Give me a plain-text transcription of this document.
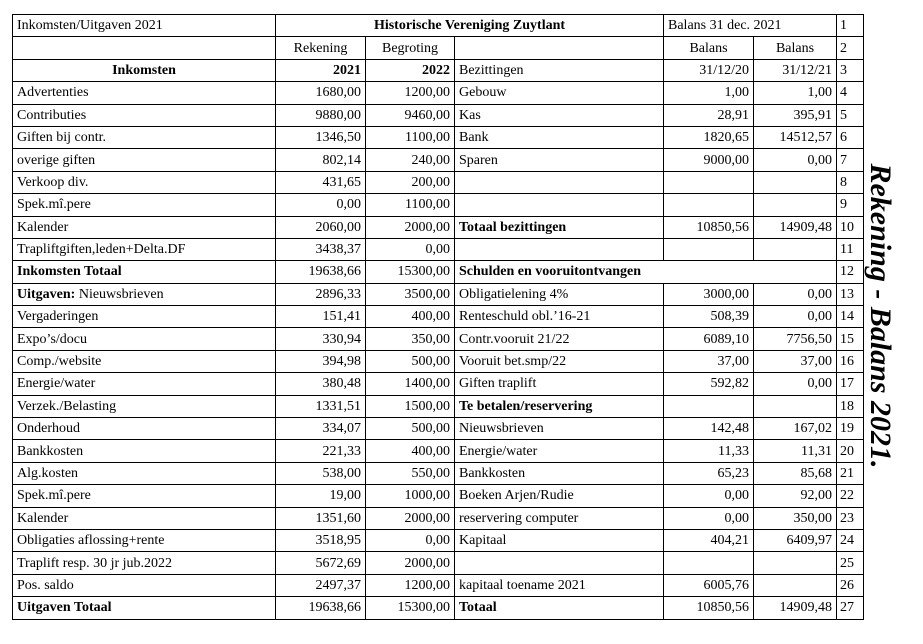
Inkomsten/Uitgaven 2021	Historische Vereniging Zuytlant			Balans 31 dec. 2021		1
	Rekening	Begroting		Balans	Balans	2
Inkomsten	2021	2022	Bezittingen	31/12/20	31/12/21	3
Advertenties	1680,00	1200,00	Gebouw	1,00	1,00	4
Contributies	9880,00	9460,00	Kas	28,91	395,91	5
Giften bij contr.	1346,50	1100,00	Bank	1820,65	14512,57	6
overige giften	802,14	240,00	Sparen	9000,00	0,00	7
Verkoop div.	431,65	200,00				8
Spek.mî.pere	0,00	1100,00				9
Kalender	2060,00	2000,00	Totaal bezittingen	10850,56	14909,48	10
Trapliftgiften,leden+Delta.DF	3438,37	0,00				11
Inkomsten Totaal	19638,66	15300,00	Schulden en vooruitontvangen			12
Uitgaven: Nieuwsbrieven	2896,33	3500,00	Obligatielening 4%	3000,00	0,00	13
Vergaderingen	151,41	400,00	Renteschuld obl.’16-21	508,39	0,00	14
Expo’s/docu	330,94	350,00	Contr.vooruit 21/22	6089,10	7756,50	15
Comp./website	394,98	500,00	Vooruit bet.smp/22	37,00	37,00	16
Energie/water	380,48	1400,00	Giften traplift	592,82	0,00	17
Verzek./Belasting	1331,51	1500,00	Te betalen/reservering			18
Onderhoud	334,07	500,00	Nieuwsbrieven	142,48	167,02	19
Bankkosten	221,33	400,00	Energie/water	11,33	11,31	20
Alg.kosten	538,00	550,00	Bankkosten	65,23	85,68	21
Spek.mî.pere	19,00	1000,00	Boeken Arjen/Rudie	0,00	92,00	22
Kalender	1351,60	2000,00	reservering computer	0,00	350,00	23
Obligaties aflossing+rente	3518,95	0,00	Kapitaal	404,21	6409,97	24
Traplift resp. 30 jr jub.2022	5672,69	2000,00				25
Pos. saldo	2497,37	1200,00	kapitaal toename 2021	6005,76		26
Uitgaven Totaal	19638,66	15300,00	Totaal	10850,56	14909,48	27
Rekening - Balans 2021.
